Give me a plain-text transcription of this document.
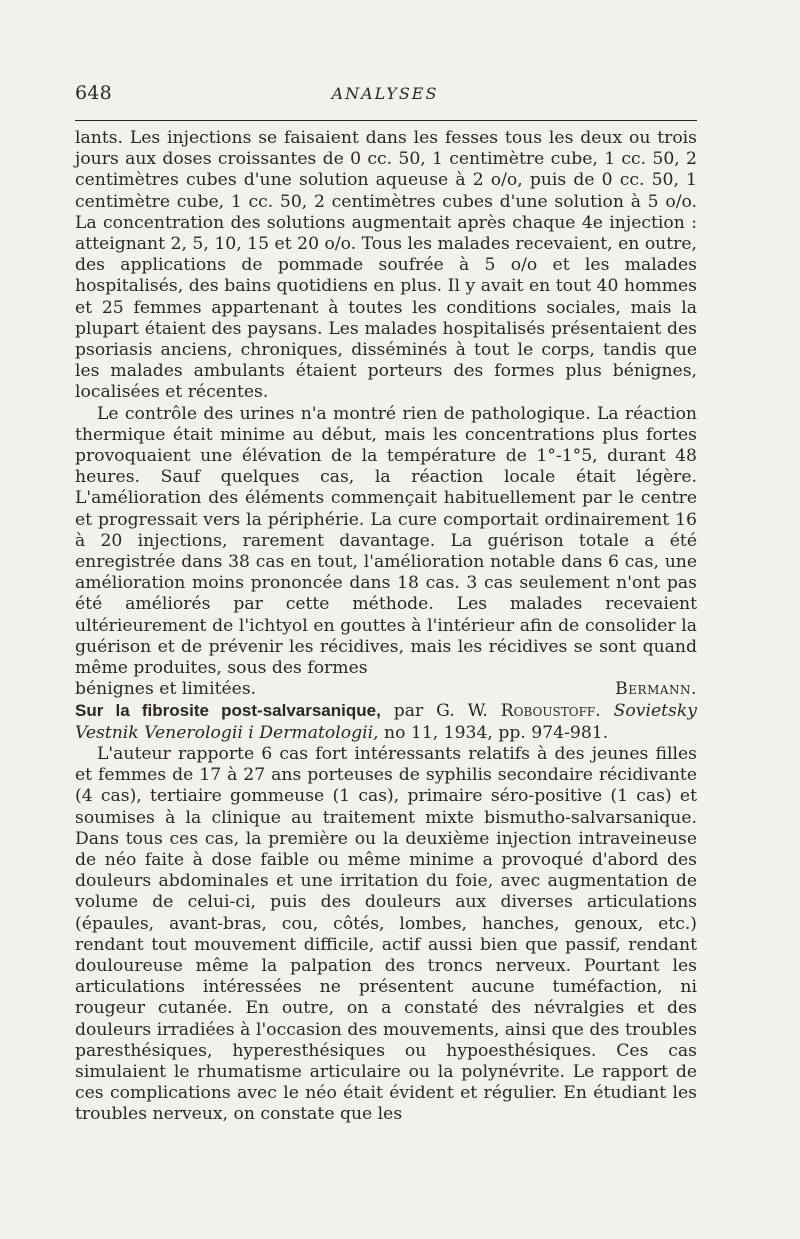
648	ANALYSES

lants. Les injections se faisaient dans les fesses tous les deux ou trois jours aux doses croissantes de 0 cc. 50, 1 centimètre cube, 1 cc. 50, 2 centimètres cubes d'une solution aqueuse à 2 o/o, puis de 0 cc. 50, 1 centimètre cube, 1 cc. 50, 2 centimètres cubes d'une solution à 5 o/o. La concentration des solutions augmentait après chaque 4e injection : atteignant 2, 5, 10, 15 et 20 o/o. Tous les malades recevaient, en outre, des applications de pommade soufrée à 5 o/o et les malades hospitalisés, des bains quotidiens en plus. Il y avait en tout 40 hommes et 25 femmes appartenant à toutes les conditions sociales, mais la plupart étaient des paysans. Les malades hospitalisés présentaient des psoriasis anciens, chroniques, disséminés à tout le corps, tandis que les malades ambulants étaient porteurs des formes plus bénignes, localisées et récentes.

Le contrôle des urines n'a montré rien de pathologique. La réaction thermique était minime au début, mais les concentrations plus fortes provoquaient une élévation de la température de 1°-1°5, durant 48 heures. Sauf quelques cas, la réaction locale était légère. L'amélioration des éléments commençait habituellement par le centre et progressait vers la périphérie. La cure comportait ordinairement 16 à 20 injections, rarement davantage. La guérison totale a été enregistrée dans 38 cas en tout, l'amélioration notable dans 6 cas, une amélioration moins prononcée dans 18 cas. 3 cas seulement n'ont pas été améliorés par cette méthode. Les malades recevaient ultérieurement de l'ichtyol en gouttes à l'intérieur afin de consolider la guérison et de prévenir les récidives, mais les récidives se sont quand même produites, sous des formes

bénignes et limitées.	Bermann.

Sur la fibrosite post-salvarsanique, par G. W. Roboustoff. Sovietsky Vestnik Venerologii i Dermatologii, no 11, 1934, pp. 974-981.

L'auteur rapporte 6 cas fort intéressants relatifs à des jeunes filles et femmes de 17 à 27 ans porteuses de syphilis secondaire récidivante (4 cas), tertiaire gommeuse (1 cas), primaire séro-positive (1 cas) et soumises à la clinique au traitement mixte bismutho-salvarsanique. Dans tous ces cas, la première ou la deuxième injection intraveineuse de néo faite à dose faible ou même minime a provoqué d'abord des douleurs abdominales et une irritation du foie, avec augmentation de volume de celui-ci, puis des douleurs aux diverses articulations (épaules, avant-bras, cou, côtés, lombes, hanches, genoux, etc.) rendant tout mouvement difficile, actif aussi bien que passif, rendant douloureuse même la palpation des troncs nerveux. Pourtant les articulations intéressées ne présentent aucune tuméfaction, ni rougeur cutanée. En outre, on a constaté des névralgies et des douleurs irradiées à l'occasion des mouvements, ainsi que des troubles paresthésiques, hyperesthésiques ou hypoesthésiques. Ces cas simulaient le rhumatisme articulaire ou la polynévrite. Le rapport de ces complications avec le néo était évident et régulier. En étudiant les troubles nerveux, on constate que les
